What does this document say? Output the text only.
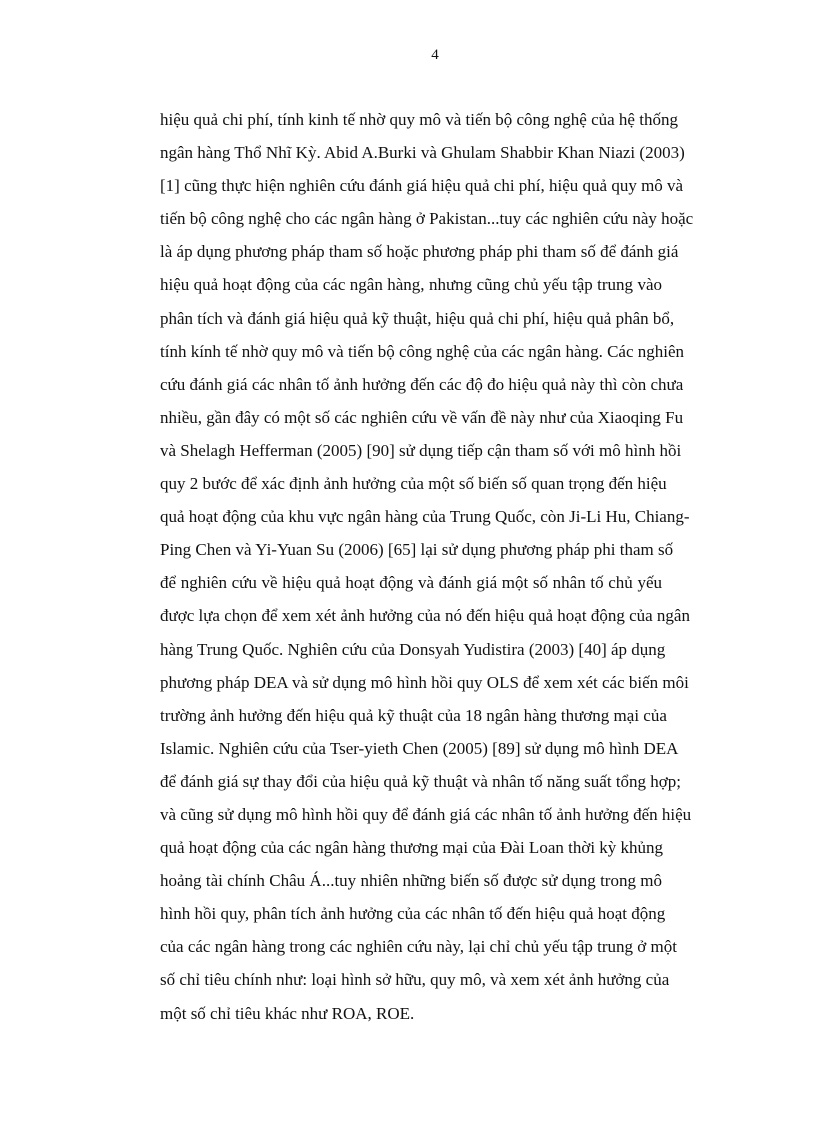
4
hiệu quả chi phí, tính kinh tế nhờ quy mô và tiến bộ công nghệ của hệ thống
ngân hàng Thổ Nhĩ Kỳ. Abid A.Burki và Ghulam Shabbir Khan Niazi (2003)
[1] cũng thực hiện nghiên cứu đánh giá hiệu quả chi phí, hiệu quả quy mô và
tiến bộ công nghệ cho các ngân hàng ở Pakistan...tuy các nghiên cứu này hoặc
là áp dụng phương pháp tham số hoặc phương pháp phi tham số để đánh giá
hiệu quả hoạt động của các ngân hàng, nhưng cũng chủ yếu tập trung vào
phân tích và đánh giá hiệu quả kỹ thuật, hiệu quả chi phí, hiệu quả phân bổ,
tính kính tế nhờ quy mô và tiến bộ công nghệ của các ngân hàng. Các nghiên
cứu đánh giá các nhân tố ảnh hưởng đến các độ đo hiệu quả này thì còn chưa
nhiều, gần đây có một số các nghiên cứu về vấn đề này như của Xiaoqing Fu
và Shelagh Hefferman (2005) [90] sử dụng tiếp cận tham số với mô hình hồi
quy 2 bước để xác định ảnh hưởng của một số biến số quan trọng đến hiệu
quả hoạt động của khu vực ngân hàng của Trung Quốc, còn Ji-Li Hu, Chiang-
Ping Chen và Yi-Yuan Su (2006) [65] lại sử dụng phương pháp phi tham số
để nghiên cứu về hiệu quả hoạt động và đánh giá một số nhân tố chủ yếu
được lựa chọn để xem xét ảnh hưởng của nó đến hiệu quả hoạt động của ngân
hàng Trung Quốc. Nghiên cứu của Donsyah Yudistira (2003) [40] áp dụng
phương pháp DEA và sử dụng mô hình hồi quy OLS để xem xét các biến môi
trường ảnh hưởng đến hiệu quả kỹ thuật của 18 ngân hàng thương mại của
Islamic. Nghiên cứu của Tser-yieth Chen (2005) [89] sử dụng mô hình DEA
để đánh giá sự thay đổi của hiệu quả kỹ thuật và nhân tố năng suất tổng hợp;
và cũng sử dụng mô hình hồi quy để đánh giá các nhân tố ảnh hưởng đến hiệu
quả hoạt động của các ngân hàng thương mại của Đài Loan thời kỳ khủng
hoảng tài chính Châu Á...tuy nhiên những biến số được sử dụng trong mô
hình hồi quy, phân tích ảnh hưởng của các nhân tố đến hiệu quả hoạt động
của các ngân hàng trong các nghiên cứu này, lại chỉ chủ yếu tập trung ở một
số chỉ tiêu chính như: loại hình sở hữu, quy mô, và xem xét ảnh hưởng của
một số chỉ tiêu khác như ROA, ROE.
